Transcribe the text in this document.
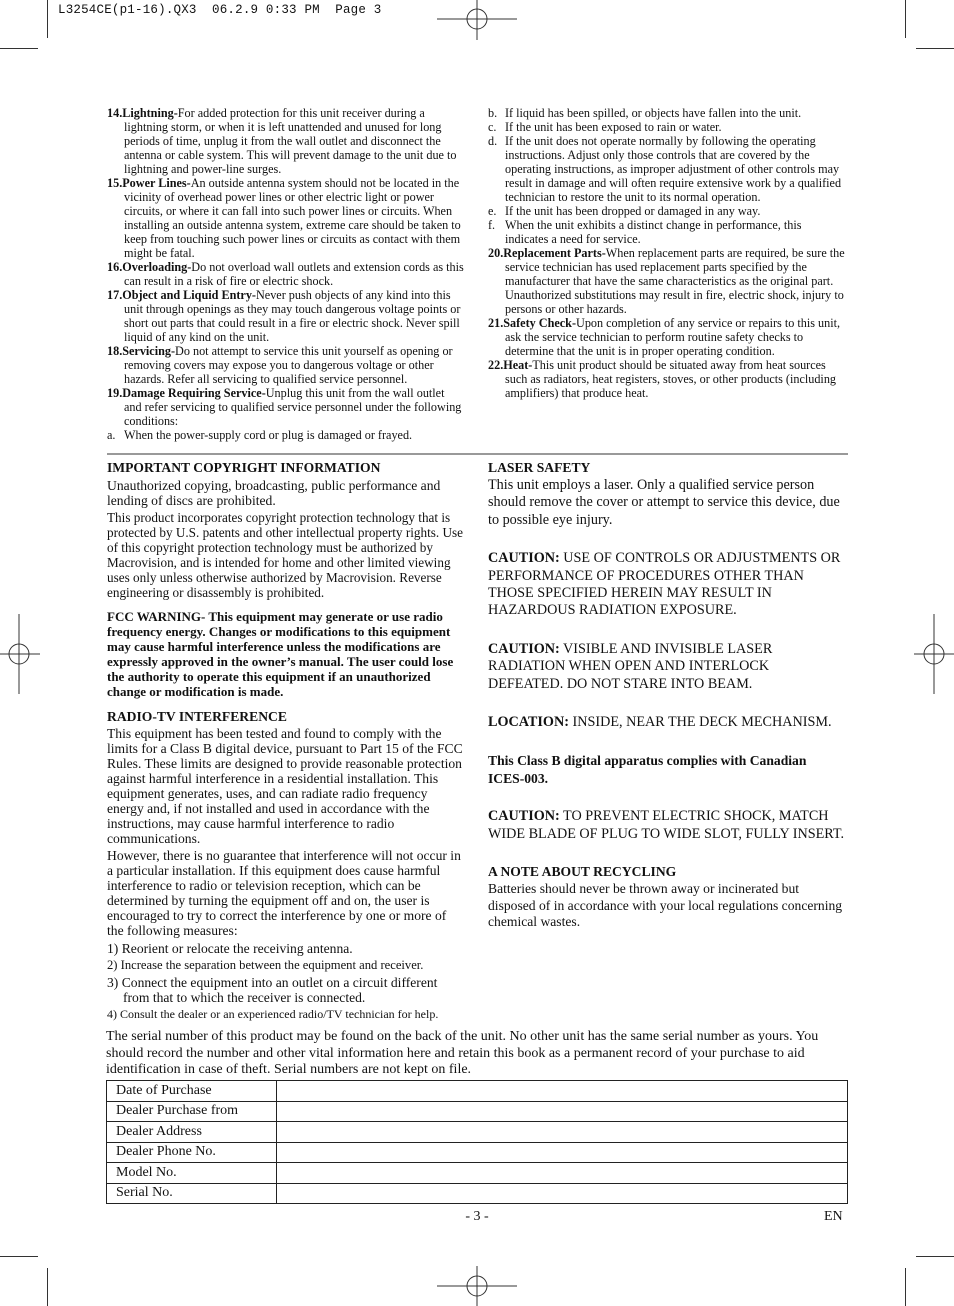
L3254CE(p1-16).QX3  06.2.9 0:33 PM  Page 3
14.Lightning-For added protection for this unit receiver during a lightning storm, or when it is left unattended and unused for long periods of time, unplug it from the wall outlet and disconnect the antenna or cable system. This will prevent damage to the unit due to lightning and power-line surges.
15.Power Lines-An outside antenna system should not be located in the vicinity of overhead power lines or other electric light or power circuits, or where it can fall into such power lines or circuits. When installing an outside antenna system, extreme care should be taken to keep from touching such power lines or circuits as contact with them might be fatal.
16.Overloading-Do not overload wall outlets and extension cords as this can result in a risk of fire or electric shock.
17.Object and Liquid Entry-Never push objects of any kind into this unit through openings as they may touch dangerous voltage points or short out parts that could result in a fire or electric shock. Never spill liquid of any kind on the unit.
18.Servicing-Do not attempt to service this unit yourself as opening or removing covers may expose you to dangerous voltage or other hazards. Refer all servicing to qualified service personnel.
19.Damage Requiring Service-Unplug this unit from the wall outlet and refer servicing to qualified service personnel under the following conditions:
a. When the power-supply cord or plug is damaged or frayed.
b. If liquid has been spilled, or objects have fallen into the unit.
c. If the unit has been exposed to rain or water.
d. If the unit does not operate normally by following the operating instructions. Adjust only those controls that are covered by the operating instructions, as improper adjustment of other controls may result in damage and will often require extensive work by a qualified technician to restore the unit to its normal operation.
e. If the unit has been dropped or damaged in any way.
f. When the unit exhibits a distinct change in performance, this indicates a need for service.
20.Replacement Parts-When replacement parts are required, be sure the service technician has used replacement parts specified by the manufacturer that have the same characteristics as the original part. Unauthorized substitutions may result in fire, electric shock, injury to persons or other hazards.
21.Safety Check-Upon completion of any service or repairs to this unit, ask the service technician to perform routine safety checks to determine that the unit is in proper operating condition.
22.Heat-This unit product should be situated away from heat sources such as radiators, heat registers, stoves, or other products (including amplifiers) that produce heat.

IMPORTANT COPYRIGHT INFORMATION

Unauthorized copying, broadcasting, public performance and lending of discs are prohibited.

This product incorporates copyright protection technology that is protected by U.S. patents and other intellectual property rights. Use of this copyright protection technology must be authorized by Macrovision, and is intended for home and other limited viewing uses only unless otherwise authorized by Macrovision. Reverse engineering or disassembly is prohibited.

FCC WARNING- This equipment may generate or use radio frequency energy. Changes or modifications to this equipment may cause harmful interference unless the modifications are expressly approved in the owner’s manual. The user could lose the authority to operate this equipment if an unauthorized change or modification is made.

RADIO-TV INTERFERENCE

This equipment has been tested and found to comply with the limits for a Class B digital device, pursuant to Part 15 of the FCC Rules. These limits are designed to provide reasonable protection against harmful interference in a residential installation. This equipment generates, uses, and can radiate radio frequency energy and, if not installed and used in accordance with the instructions, may cause harmful interference to radio communications.

However, there is no guarantee that interference will not occur in a particular installation. If this equipment does cause harmful interference to radio or television reception, which can be determined by turning the equipment off and on, the user is encouraged to try to correct the interference by one or more of the following measures:

1) Reorient or relocate the receiving antenna.

2) Increase the separation between the equipment and receiver.

3) Connect the equipment into an outlet on a circuit different from that to which the receiver is connected.

4) Consult the dealer or an experienced radio/TV technician for help.

LASER SAFETY

This unit employs a laser. Only a qualified service person should remove the cover or attempt to service this device, due to possible eye injury.

CAUTION: USE OF CONTROLS OR ADJUSTMENTS OR PERFORMANCE OF PROCEDURES OTHER THAN THOSE SPECIFIED HEREIN MAY RESULT IN HAZARDOUS RADIATION EXPOSURE.

CAUTION: VISIBLE AND INVISIBLE LASER RADIATION WHEN OPEN AND INTERLOCK DEFEATED. DO NOT STARE INTO BEAM.

LOCATION: INSIDE, NEAR THE DECK MECHANISM.

This Class B digital apparatus complies with Canadian ICES-003.

CAUTION: TO PREVENT ELECTRIC SHOCK, MATCH WIDE BLADE OF PLUG TO WIDE SLOT, FULLY INSERT.

A NOTE ABOUT RECYCLING

Batteries should never be thrown away or incinerated but disposed of in accordance with your local regulations concerning chemical wastes.

The serial number of this product may be found on the back of the unit. No other unit has the same serial number as yours. You should record the number and other vital information here and retain this book as a permanent record of your purchase to aid identification in case of theft. Serial numbers are not kept on file.
Date of Purchase	
Dealer Purchase from	
Dealer Address	
Dealer Phone No.	
Model No.	
Serial No.	
- 3 -	EN
